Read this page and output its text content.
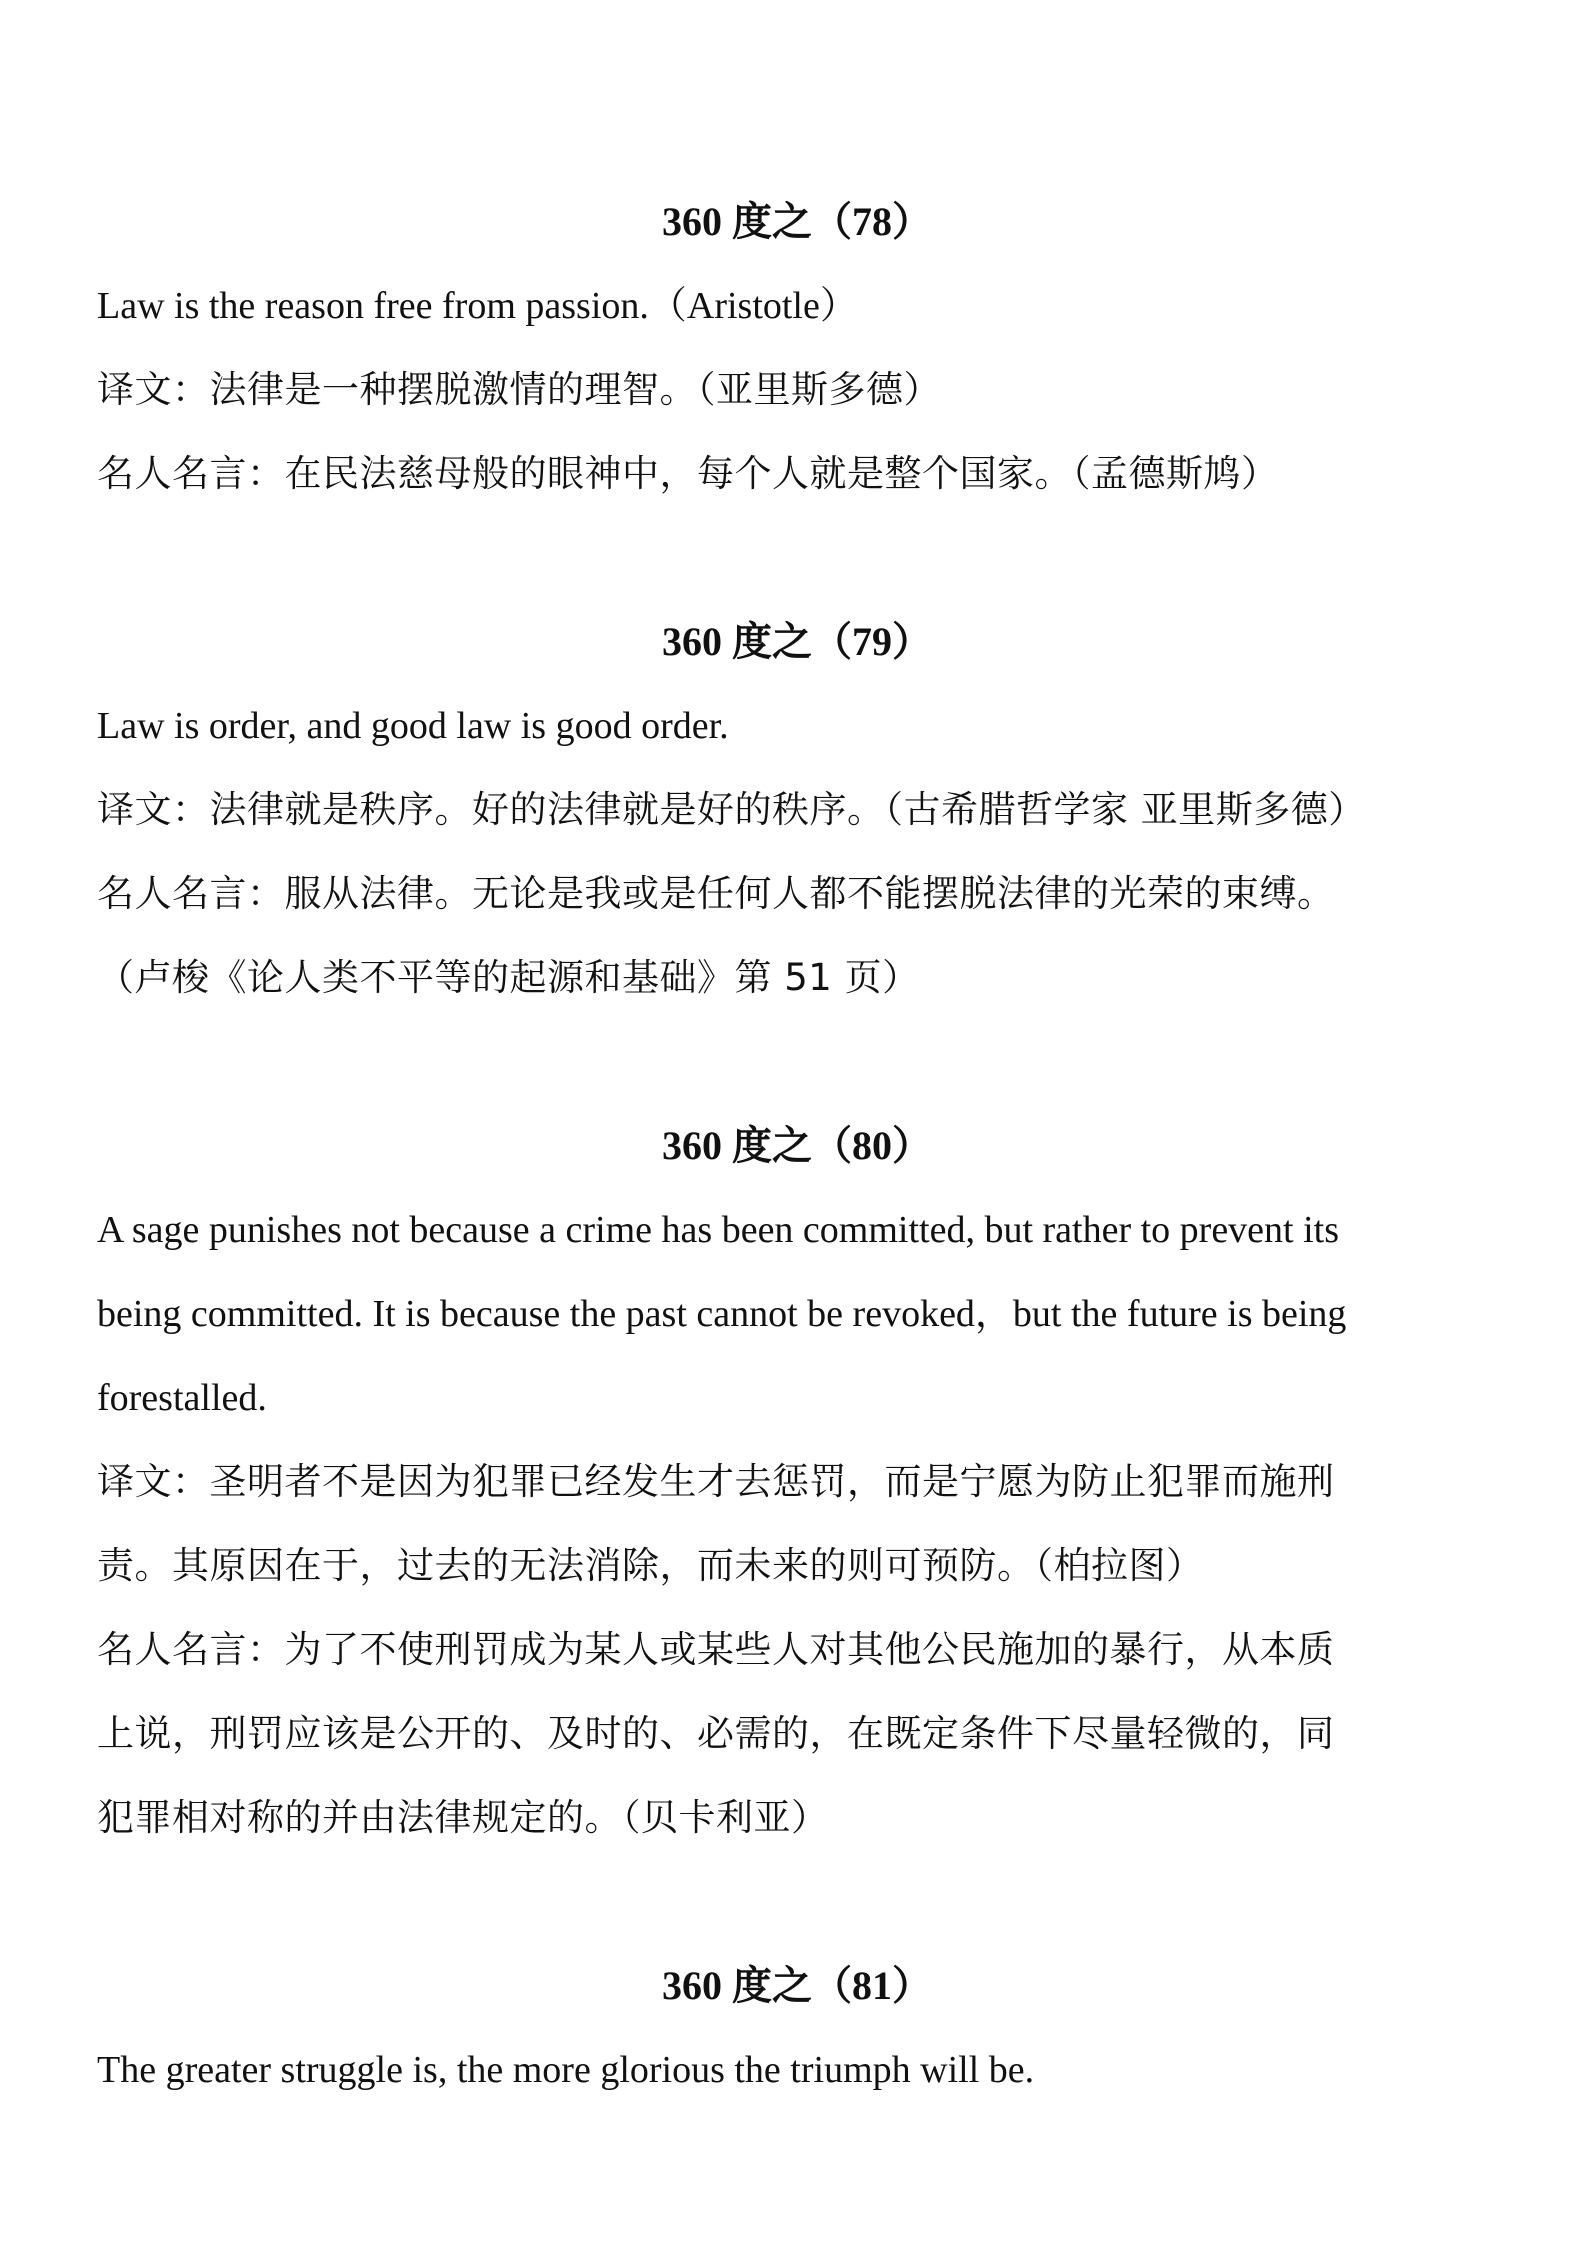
360 度之（78）
Law is the reason free from passion.（Aristotle）
译文：法律是一种摆脱激情的理智。（亚里斯多德）
名人名言：在民法慈母般的眼神中，每个人就是整个国家。（孟德斯鸠）
360 度之（79）
Law is order, and good law is good order.
译文：法律就是秩序。好的法律就是好的秩序。（古希腊哲学家 亚里斯多德）
名人名言：服从法律。无论是我或是任何人都不能摆脱法律的光荣的束缚。
（卢梭《论人类不平等的起源和基础》第 51 页）
360 度之（80）
A sage punishes not because a crime has been committed, but rather to prevent its
being committed. It is because the past cannot be revoked，but the future is being
forestalled.
译文：圣明者不是因为犯罪已经发生才去惩罚，而是宁愿为防止犯罪而施刑
责。其原因在于，过去的无法消除，而未来的则可预防。（柏拉图）
名人名言：为了不使刑罚成为某人或某些人对其他公民施加的暴行，从本质
上说，刑罚应该是公开的、及时的、必需的，在既定条件下尽量轻微的，同
犯罪相对称的并由法律规定的。（贝卡利亚）
360 度之（81）
The greater struggle is, the more glorious the triumph will be.
